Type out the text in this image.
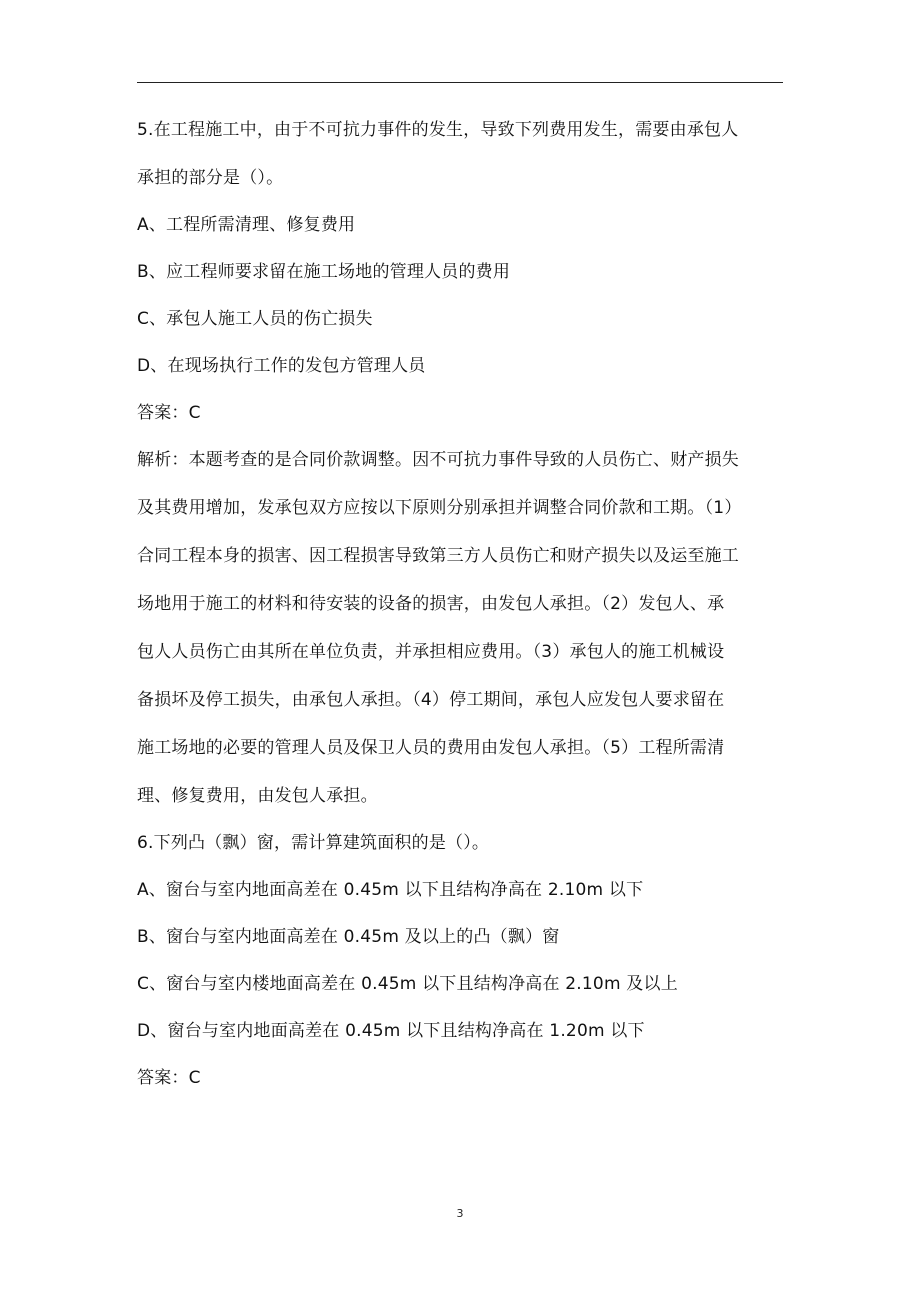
5.在工程施工中，由于不可抗力事件的发生，导致下列费用发生，需要由承包人
承担的部分是（）。
A、工程所需清理、修复费用
B、应工程师要求留在施工场地的管理人员的费用
C、承包人施工人员的伤亡损失
D、在现场执行工作的发包方管理人员
答案：C
解析：本题考查的是合同价款调整。因不可抗力事件导致的人员伤亡、财产损失
及其费用增加，发承包双方应按以下原则分别承担并调整合同价款和工期。（1）
合同工程本身的损害、因工程损害导致第三方人员伤亡和财产损失以及运至施工
场地用于施工的材料和待安装的设备的损害，由发包人承担。（2）发包人、承
包人人员伤亡由其所在单位负责，并承担相应费用。（3）承包人的施工机械设
备损坏及停工损失，由承包人承担。（4）停工期间，承包人应发包人要求留在
施工场地的必要的管理人员及保卫人员的费用由发包人承担。（5）工程所需清
理、修复费用，由发包人承担。
6.下列凸（飘）窗，需计算建筑面积的是（）。
A、窗台与室内地面高差在 0.45m 以下且结构净高在 2.10m 以下
B、窗台与室内地面高差在 0.45m 及以上的凸（飘）窗
C、窗台与室内楼地面高差在 0.45m 以下且结构净高在 2.10m 及以上
D、窗台与室内地面高差在 0.45m 以下且结构净高在 1.20m 以下
答案：C
3
